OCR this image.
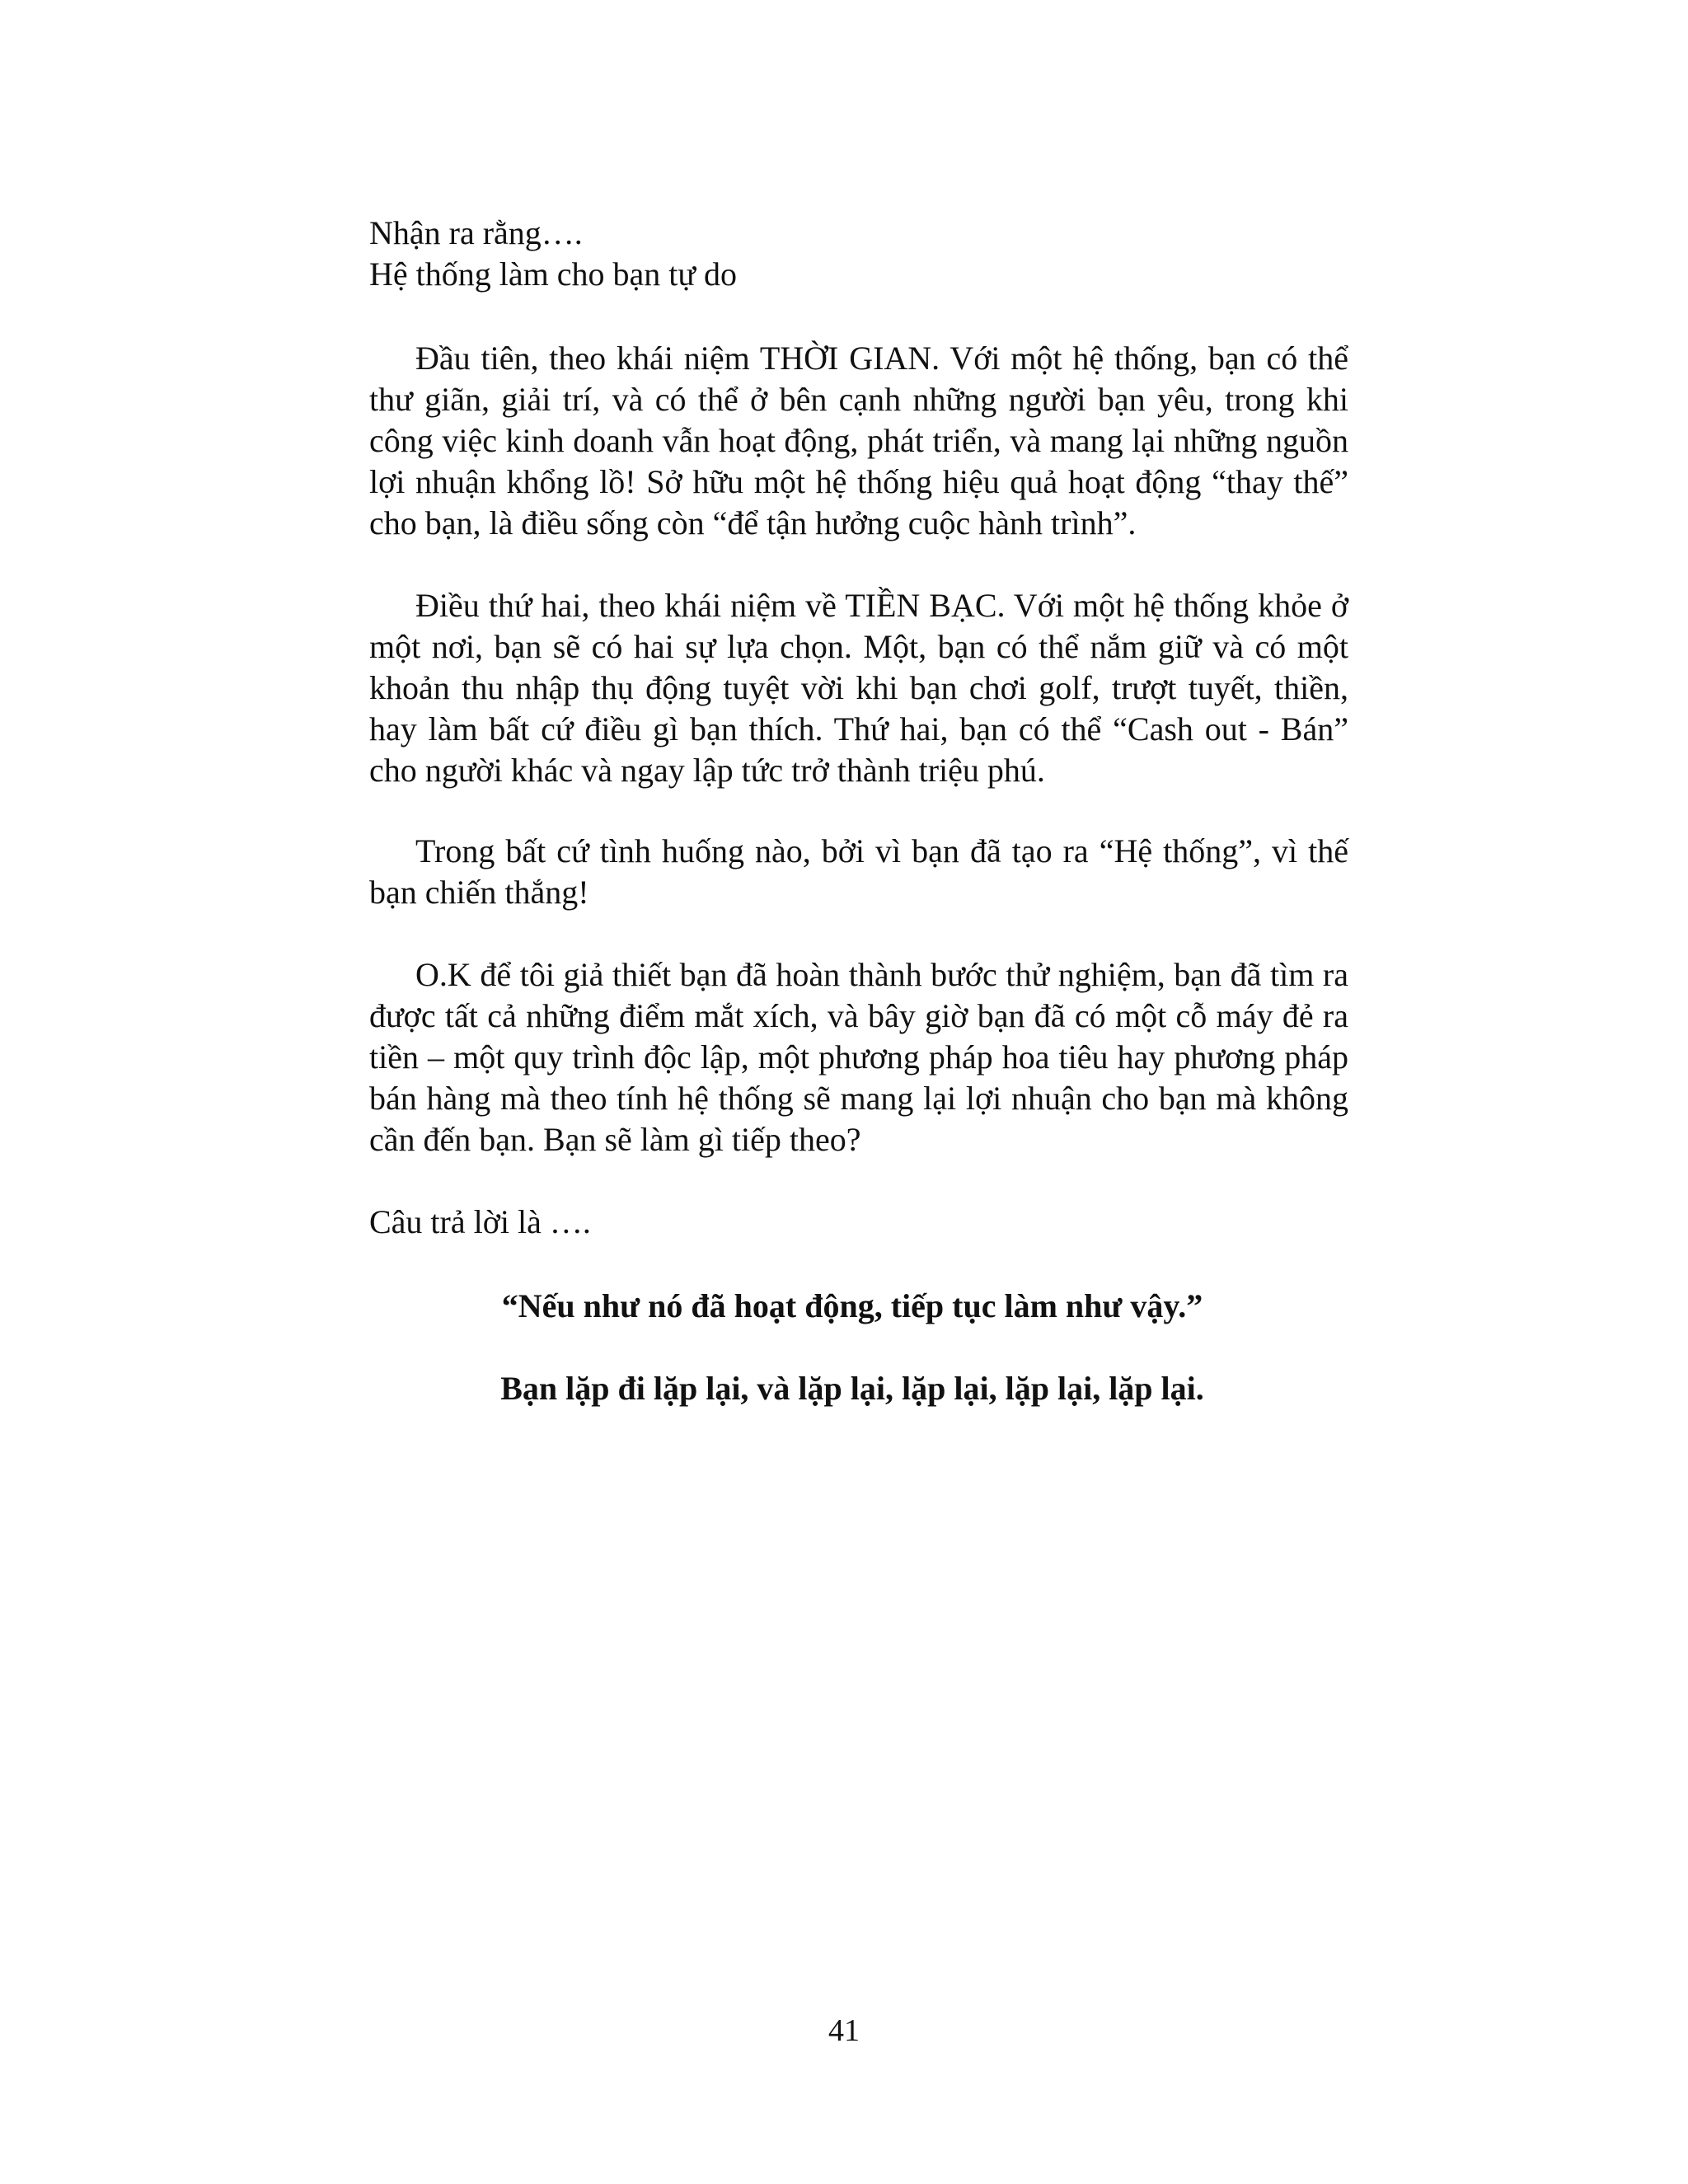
Nhận ra rằng….
Hệ thống làm cho bạn tự do

Đầu tiên, theo khái niệm THỜI GIAN. Với một hệ thống, bạn có thể thư giãn, giải trí, và có thể ở bên cạnh những người bạn yêu, trong khi công việc kinh doanh vẫn hoạt động, phát triển, và mang lại những nguồn lợi nhuận khổng lồ! Sở hữu một hệ thống hiệu quả hoạt động “thay thế” cho bạn, là điều sống còn “để tận hưởng cuộc hành trình”.

Điều thứ hai, theo khái niệm về TIỀN BẠC. Với một hệ thống khỏe ở một nơi, bạn sẽ có hai sự lựa chọn. Một, bạn có thể nắm giữ và có một khoản thu nhập thụ động tuyệt vời khi bạn chơi golf, trượt tuyết, thiền, hay làm bất cứ điều gì bạn thích. Thứ hai, bạn có thể “Cash out - Bán” cho người khác và ngay lập tức trở thành triệu phú.

Trong bất cứ tình huống nào, bởi vì bạn đã tạo ra “Hệ thống”, vì thế bạn chiến thắng!

O.K để tôi giả thiết bạn đã hoàn thành bước thử nghiệm, bạn đã tìm ra được tất cả những điểm mắt xích, và bây giờ bạn đã có một cỗ máy đẻ ra tiền – một quy trình độc lập, một phương pháp hoa tiêu hay phương pháp bán hàng mà theo tính hệ thống sẽ mang lại lợi nhuận cho bạn mà không cần đến bạn. Bạn sẽ làm gì tiếp theo?

Câu trả lời là ….
“Nếu như nó đã hoạt động, tiếp tục làm như vậy.”
Bạn lặp đi lặp lại, và lặp lại, lặp lại, lặp lại, lặp lại.
41
